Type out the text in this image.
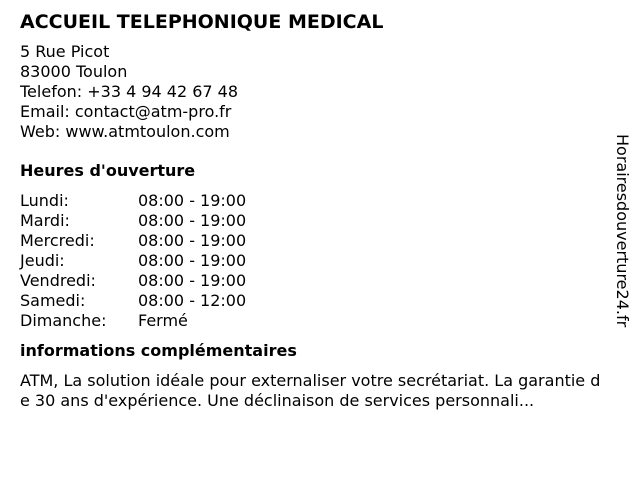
ACCUEIL TELEPHONIQUE MEDICAL
5 Rue Picot
83000 Toulon
Telefon: +33 4 94 42 67 48
Email: contact@atm-pro.fr
Web: www.atmtoulon.com
Heures d'ouverture
Lundi:	08:00 - 19:00
Mardi:	08:00 - 19:00
Mercredi:	08:00 - 19:00
Jeudi:	08:00 - 19:00
Vendredi:	08:00 - 19:00
Samedi:	08:00 - 12:00
Dimanche:	Fermé
informations complémentaires
ATM, La solution idéale pour externaliser votre secrétariat. La garantie de 30 ans d'expérience. Une déclinaison de services personnali...
Horairesdouverture24.fr
